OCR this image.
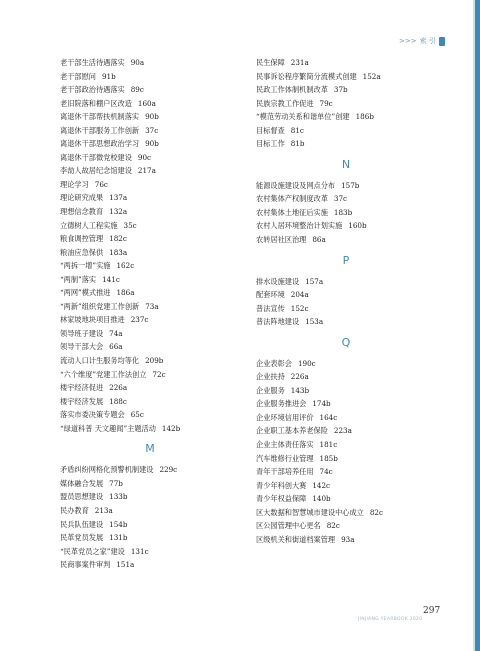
>>> 索 引
老干部生活待遇落实 90a
老干部慰问 91b
老干部政治待遇落实 89c
老旧院落和棚户区改造 160a
离退休干部帮扶机制落实 90b
离退休干部服务工作创新 37c
离退休干部思想政治学习 90b
离退休干部微党校建设 90c
李劼人故居纪念馆建设 217a
理论学习 76c
理论研究成果 137a
理想信念教育 132a
立德树人工程实施 35c
粮食调控管理 182c
粮油应急保供 183a
“两拆一增”实施 162c
“两制”落实 141c
“两网”模式推进 186a
“两新”组织党建工作创新 73a
林家坡地块项目推进 237c
领导班子建设 74a
领导干部大会 66a
流动人口计生服务均等化 209b
“六个维度”党建工作法创立 72c
楼宇经济促进 226a
楼宇经济发展 188c
落实市委决策专题会 65c
“绿道科普 天文趣闻”主题活动 142b
M
矛盾纠纷网格化预警机制建设 229c
媒体融合发展 77b
盟员思想建设 133b
民办教育 213a
民兵队伍建设 154b
民革党员发展 131b
“民革党员之家”建设 131c
民商事案件审判 151a
民生保障 231a
民事诉讼程序繁简分流模式创建 152a
民政工作体制机制改革 37b
民族宗教工作促进 79c
“模范劳动关系和谐单位”创建 186b
目标督查 81c
目标工作 81b
N
能源设施建设及网点分布 157b
农村集体产权制度改革 37c
农村集体土地征后实施 183b
农村人居环境整治计划实施 160b
农转居社区治理 86a
P
排水设施建设 157a
配套环境 204a
普法宣传 152c
普法阵地建设 153a
Q
企业表彰会 190c
企业扶持 226a
企业服务 143b
企业服务推进会 174b
企业环境信用评价 164c
企业职工基本养老保险 223a
企业主体责任落实 181c
汽车维修行业管理 185b
青年干部培养任用 74c
青少年科创大赛 142c
青少年权益保障 140b
区大数据和智慧城市建设中心成立 82c
区公园管理中心更名 82c
区级机关和街道档案管理 93a
297
JINJIANG YEARBOOK 2020
